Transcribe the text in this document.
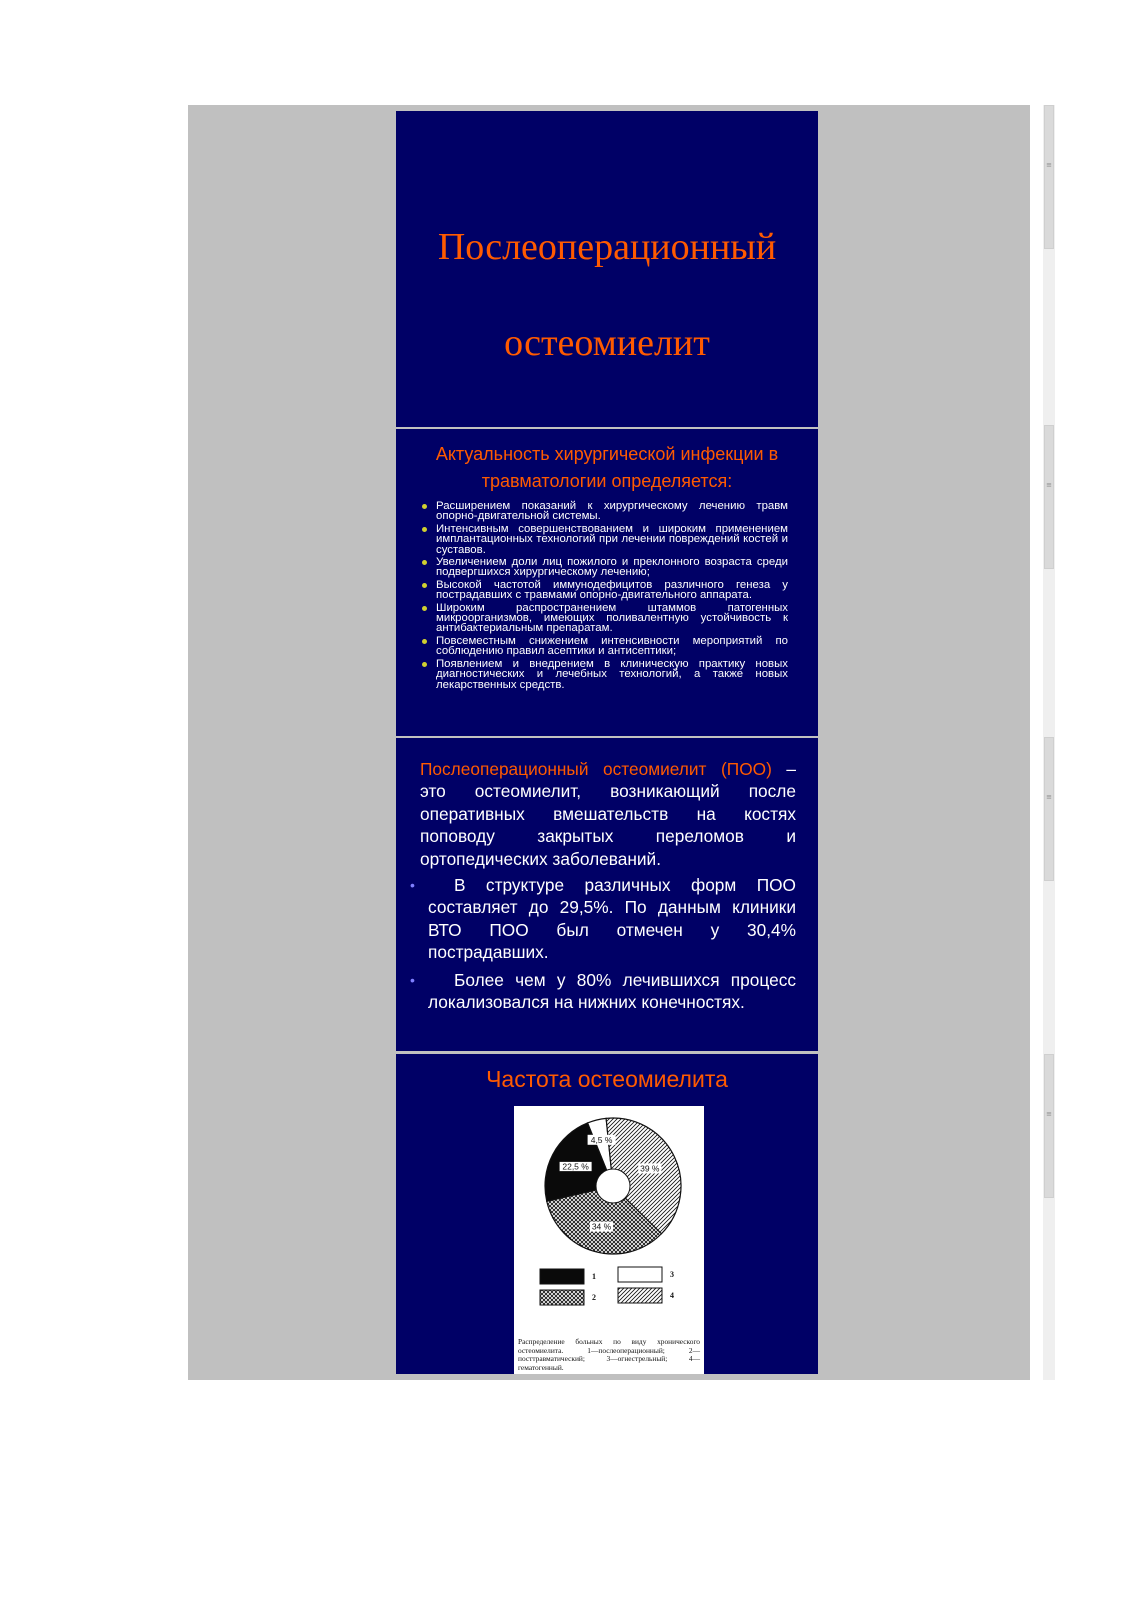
≡
≡
≡
≡
Послеоперационный
остеомиелит
Актуальность хирургической инфекции в травматологии определяется:
Расширением показаний к хирургическому лечению травм опорно-двигательной системы.
Интенсивным совершенствованием и широким применением имплантационных технологий при лечении повреждений костей и суставов.
Увеличением доли лиц пожилого и преклонного возраста среди подвергшихся хирургическому лечению;
Высокой частотой иммунодефицитов различного генеза у пострадавших с травмами опорно-двигательного аппарата.
Широким распространением штаммов патогенных микроорганизмов, имеющих поливалентную устойчивость к антибактериальным препаратам.
Повсеместным снижением интенсивности мероприятий по соблюдению правил асептики и антисептики;
Появлением и внедрением в клиническую практику новых диагностических и лечебных технологий, а также новых лекарственных средств.

Послеоперационный остеомиелит (ПОО) – это остеомиелит, возникающий после оперативных вмешательств на костях поповоду закрытых переломов и ортопедических заболеваний.

• В структуре различных форм ПОО составляет до 29,5%. По данным клиники ВТО ПОО был отмечен у 30,4% пострадавших.
• Более чем у 80% лечившихся процесс локализовался на нижних конечностях.
Частота остеомиелита
4,5 %
39 %
34 %
22,5 %
1
2
3
4
Распределение больных по виду хронического остеомиелита. 1—послеоперационный; 2—посттравматический; 3—огнестрельный; 4—гематогенный.
